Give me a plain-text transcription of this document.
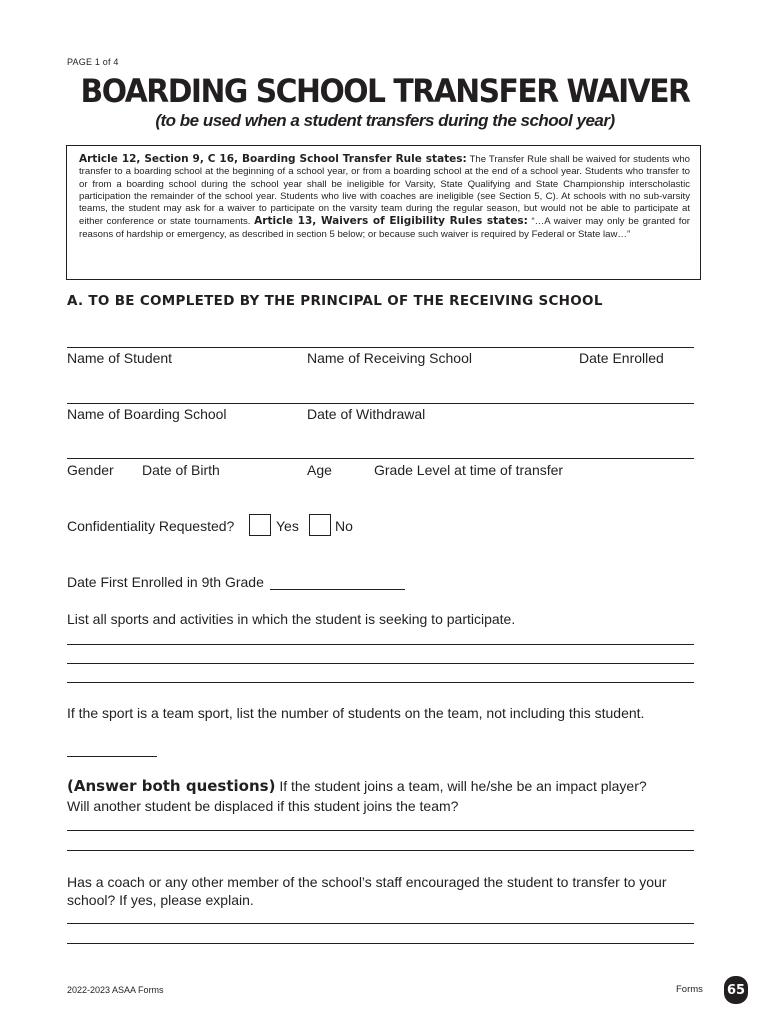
PAGE 1 of 4
BOARDING SCHOOL TRANSFER WAIVER
(to be used when a student transfers during the school year)
Article 12, Section 9, C 16, Boarding School Transfer Rule states: The Transfer Rule shall be waived for students who transfer to a boarding school at the beginning of a school year, or from a boarding school at the end of a school year. Students who transfer to or from a boarding school during the school year shall be ineligible for Varsity, State Qualifying and State Championship interscholastic participation the remainder of the school year. Students who live with coaches are ineligible (see Section 5, C). At schools with no sub-varsity teams, the student may ask for a waiver to participate on the varsity team during the regular season, but would not be able to participate at either conference or state tournaments. Article 13, Waivers of Eligibility Rules states: “…A waiver may only be granted for reasons of hardship or emergency, as described in section 5 below; or because such waiver is required by Federal or State law…”
A. TO BE COMPLETED BY THE PRINCIPAL OF THE RECEIVING SCHOOL
Name of Student	Name of Receiving School	Date Enrolled
Name of Boarding School	Date of Withdrawal
Gender Date of Birth	Age	Grade Level at time of transfer
Confidentiality Requested?	Yes	No
Date First Enrolled in 9th Grade
List all sports and activities in which the student is seeking to participate.
If the sport is a team sport, list the number of students on the team, not including this student.
(Answer both questions) If the student joins a team, will he/she be an impact player?
Will another student be displaced if this student joins the team?
Has a coach or any other member of the school’s staff encouraged the student to transfer to your
school? If yes, please explain.
2022-2023 ASAA Forms	Forms 65
